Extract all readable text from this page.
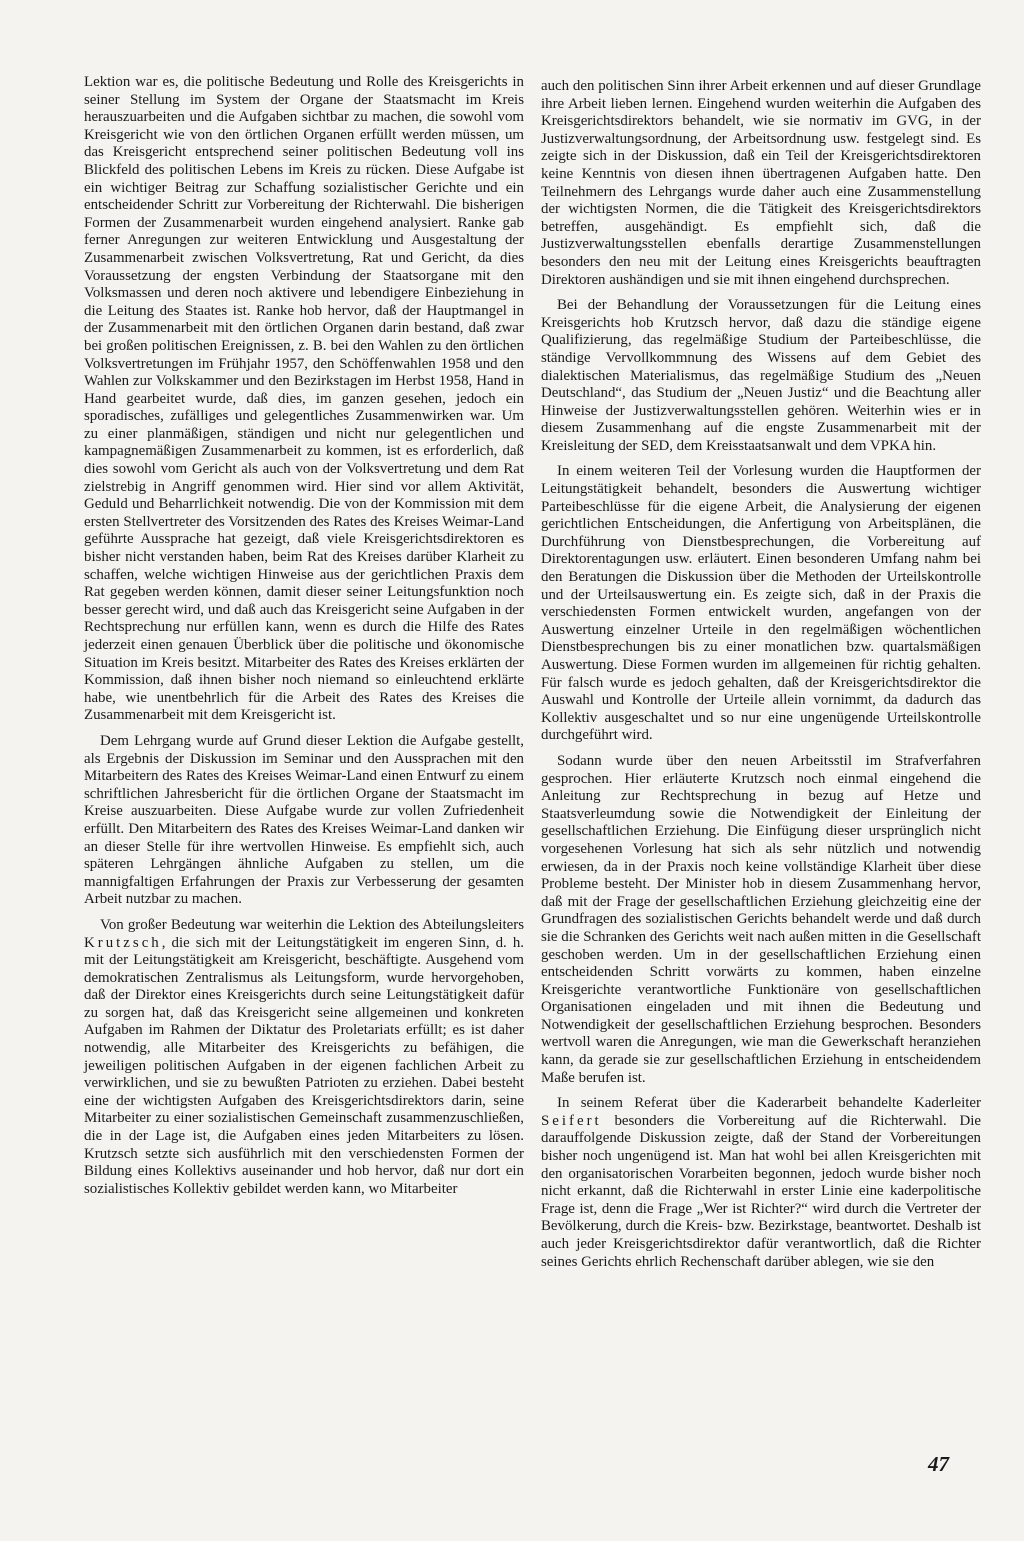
Lektion war es, die politische Bedeutung und Rolle des Kreisgerichts in seiner Stellung im System der Organe der Staatsmacht im Kreis herauszuarbeiten und die Aufgaben sichtbar zu machen, die sowohl vom Kreisgericht wie von den örtlichen Organen erfüllt werden müssen, um das Kreisgericht entsprechend seiner politischen Bedeutung voll ins Blickfeld des politischen Lebens im Kreis zu rücken. Diese Aufgabe ist ein wichtiger Beitrag zur Schaffung sozialistischer Gerichte und ein entscheidender Schritt zur Vorbereitung der Richterwahl. Die bisherigen Formen der Zusammenarbeit wurden eingehend analysiert. Ranke gab ferner Anregungen zur weiteren Entwicklung und Ausgestaltung der Zusammenarbeit zwischen Volksvertretung, Rat und Gericht, da dies Voraussetzung der engsten Verbindung der Staatsorgane mit den Volksmassen und deren noch aktivere und lebendigere Einbeziehung in die Leitung des Staates ist. Ranke hob hervor, daß der Hauptmangel in der Zusammenarbeit mit den örtlichen Organen darin bestand, daß zwar bei großen politischen Ereignissen, z. B. bei den Wahlen zu den örtlichen Volksvertretungen im Frühjahr 1957, den Schöffenwahlen 1958 und den Wahlen zur Volkskammer und den Bezirkstagen im Herbst 1958, Hand in Hand gearbeitet wurde, daß dies, im ganzen gesehen, jedoch ein sporadisches, zufälliges und gelegentliches Zusammenwirken war. Um zu einer planmäßigen, ständigen und nicht nur gelegentlichen und kampagnemäßigen Zusammenarbeit zu kommen, ist es erforderlich, daß dies sowohl vom Gericht als auch von der Volksvertretung und dem Rat zielstrebig in Angriff genommen wird. Hier sind vor allem Aktivität, Geduld und Beharrlichkeit notwendig. Die von der Kommission mit dem ersten Stellvertreter des Vorsitzenden des Rates des Kreises Weimar-Land geführte Aussprache hat gezeigt, daß viele Kreisgerichtsdirektoren es bisher nicht verstanden haben, beim Rat des Kreises darüber Klarheit zu schaffen, welche wichtigen Hinweise aus der gerichtlichen Praxis dem Rat gegeben werden können, damit dieser seiner Leitungsfunktion noch besser gerecht wird, und daß auch das Kreisgericht seine Aufgaben in der Rechtsprechung nur erfüllen kann, wenn es durch die Hilfe des Rates jederzeit einen genauen Überblick über die politische und ökonomische Situation im Kreis besitzt. Mitarbeiter des Rates des Kreises erklärten der Kommission, daß ihnen bisher noch niemand so einleuchtend erklärte habe, wie unentbehrlich für die Arbeit des Rates des Kreises die Zusammenarbeit mit dem Kreisgericht ist.

Dem Lehrgang wurde auf Grund dieser Lektion die Aufgabe gestellt, als Ergebnis der Diskussion im Seminar und den Aussprachen mit den Mitarbeitern des Rates des Kreises Weimar-Land einen Entwurf zu einem schriftlichen Jahresbericht für die örtlichen Organe der Staatsmacht im Kreise auszuarbeiten. Diese Aufgabe wurde zur vollen Zufriedenheit erfüllt. Den Mitarbeitern des Rates des Kreises Weimar-Land danken wir an dieser Stelle für ihre wertvollen Hinweise. Es empfiehlt sich, auch späteren Lehrgängen ähnliche Aufgaben zu stellen, um die mannigfaltigen Erfahrungen der Praxis zur Verbesserung der gesamten Arbeit nutzbar zu machen.

Von großer Bedeutung war weiterhin die Lektion des Abteilungsleiters Krutzsch, die sich mit der Leitungstätigkeit im engeren Sinn, d. h. mit der Leitungstätigkeit am Kreisgericht, beschäftigte. Ausgehend vom demokratischen Zentralismus als Leitungsform, wurde hervorgehoben, daß der Direktor eines Kreisgerichts durch seine Leitungstätigkeit dafür zu sorgen hat, daß das Kreisgericht seine allgemeinen und konkreten Aufgaben im Rahmen der Diktatur des Proletariats erfüllt; es ist daher notwendig, alle Mitarbeiter des Kreisgerichts zu befähigen, die jeweiligen politischen Aufgaben in der eigenen fachlichen Arbeit zu verwirklichen, und sie zu bewußten Patrioten zu erziehen. Dabei besteht eine der wichtigsten Aufgaben des Kreisgerichtsdirektors darin, seine Mitarbeiter zu einer sozialistischen Gemeinschaft zusammenzuschließen, die in der Lage ist, die Aufgaben eines jeden Mitarbeiters zu lösen. Krutzsch setzte sich ausführlich mit den verschiedensten Formen der Bildung eines Kollektivs auseinander und hob hervor, daß nur dort ein sozialistisches Kollektiv gebildet werden kann, wo Mitarbeiter

auch den politischen Sinn ihrer Arbeit erkennen und auf dieser Grundlage ihre Arbeit lieben lernen. Eingehend wurden weiterhin die Aufgaben des Kreisgerichtsdirektors behandelt, wie sie normativ im GVG, in der Justizverwaltungsordnung, der Arbeitsordnung usw. festgelegt sind. Es zeigte sich in der Diskussion, daß ein Teil der Kreisgerichtsdirektoren keine Kenntnis von diesen ihnen übertragenen Aufgaben hatte. Den Teilnehmern des Lehrgangs wurde daher auch eine Zusammenstellung der wichtigsten Normen, die die Tätigkeit des Kreisgerichtsdirektors betreffen, ausgehändigt. Es empfiehlt sich, daß die Justizverwaltungsstellen ebenfalls derartige Zusammenstellungen besonders den neu mit der Leitung eines Kreisgerichts beauftragten Direktoren aushändigen und sie mit ihnen eingehend durchsprechen.

Bei der Behandlung der Voraussetzungen für die Leitung eines Kreisgerichts hob Krutzsch hervor, daß dazu die ständige eigene Qualifizierung, das regelmäßige Studium der Parteibeschlüsse, die ständige Vervollkommnung des Wissens auf dem Gebiet des dialektischen Materialismus, das regelmäßige Studium des „Neuen Deutschland“, das Studium der „Neuen Justiz“ und die Beachtung aller Hinweise der Justizverwaltungsstellen gehören. Weiterhin wies er in diesem Zusammenhang auf die engste Zusammenarbeit mit der Kreisleitung der SED, dem Kreisstaatsanwalt und dem VPKA hin.

In einem weiteren Teil der Vorlesung wurden die Hauptformen der Leitungstätigkeit behandelt, besonders die Auswertung wichtiger Parteibeschlüsse für die eigene Arbeit, die Analysierung der eigenen gerichtlichen Entscheidungen, die Anfertigung von Arbeitsplänen, die Durchführung von Dienstbesprechungen, die Vorbereitung auf Direktorentagungen usw. erläutert. Einen besonderen Umfang nahm bei den Beratungen die Diskussion über die Methoden der Urteilskontrolle und der Urteilsauswertung ein. Es zeigte sich, daß in der Praxis die verschiedensten Formen entwickelt wurden, angefangen von der Auswertung einzelner Urteile in den regelmäßigen wöchentlichen Dienstbesprechungen bis zu einer monatlichen bzw. quartalsmäßigen Auswertung. Diese Formen wurden im allgemeinen für richtig gehalten. Für falsch wurde es jedoch gehalten, daß der Kreisgerichtsdirektor die Auswahl und Kontrolle der Urteile allein vornimmt, da dadurch das Kollektiv ausgeschaltet und so nur eine ungenügende Urteilskontrolle durchgeführt wird.

Sodann wurde über den neuen Arbeitsstil im Strafverfahren gesprochen. Hier erläuterte Krutzsch noch einmal eingehend die Anleitung zur Rechtsprechung in bezug auf Hetze und Staatsverleumdung sowie die Notwendigkeit der Einleitung der gesellschaftlichen Erziehung. Die Einfügung dieser ursprünglich nicht vorgesehenen Vorlesung hat sich als sehr nützlich und notwendig erwiesen, da in der Praxis noch keine vollständige Klarheit über diese Probleme besteht. Der Minister hob in diesem Zusammenhang hervor, daß mit der Frage der gesellschaftlichen Erziehung gleichzeitig eine der Grundfragen des sozialistischen Gerichts behandelt werde und daß durch sie die Schranken des Gerichts weit nach außen mitten in die Gesellschaft geschoben werden. Um in der gesellschaftlichen Erziehung einen entscheidenden Schritt vorwärts zu kommen, haben einzelne Kreisgerichte verantwortliche Funktionäre von gesellschaftlichen Organisationen eingeladen und mit ihnen die Bedeutung und Notwendigkeit der gesellschaftlichen Erziehung besprochen. Besonders wertvoll waren die Anregungen, wie man die Gewerkschaft heranziehen kann, da gerade sie zur gesellschaftlichen Erziehung in entscheidendem Maße berufen ist.

In seinem Referat über die Kaderarbeit behandelte Kaderleiter Seifert besonders die Vorbereitung auf die Richterwahl. Die darauffolgende Diskussion zeigte, daß der Stand der Vorbereitungen bisher noch ungenügend ist. Man hat wohl bei allen Kreisgerichten mit den organisatorischen Vorarbeiten begonnen, jedoch wurde bisher noch nicht erkannt, daß die Richterwahl in erster Linie eine kaderpolitische Frage ist, denn die Frage „Wer ist Richter?“ wird durch die Vertreter der Bevölkerung, durch die Kreis- bzw. Bezirkstage, beantwortet. Deshalb ist auch jeder Kreisgerichtsdirektor dafür verantwortlich, daß die Richter seines Gerichts ehrlich Rechenschaft darüber ablegen, wie sie den

47
